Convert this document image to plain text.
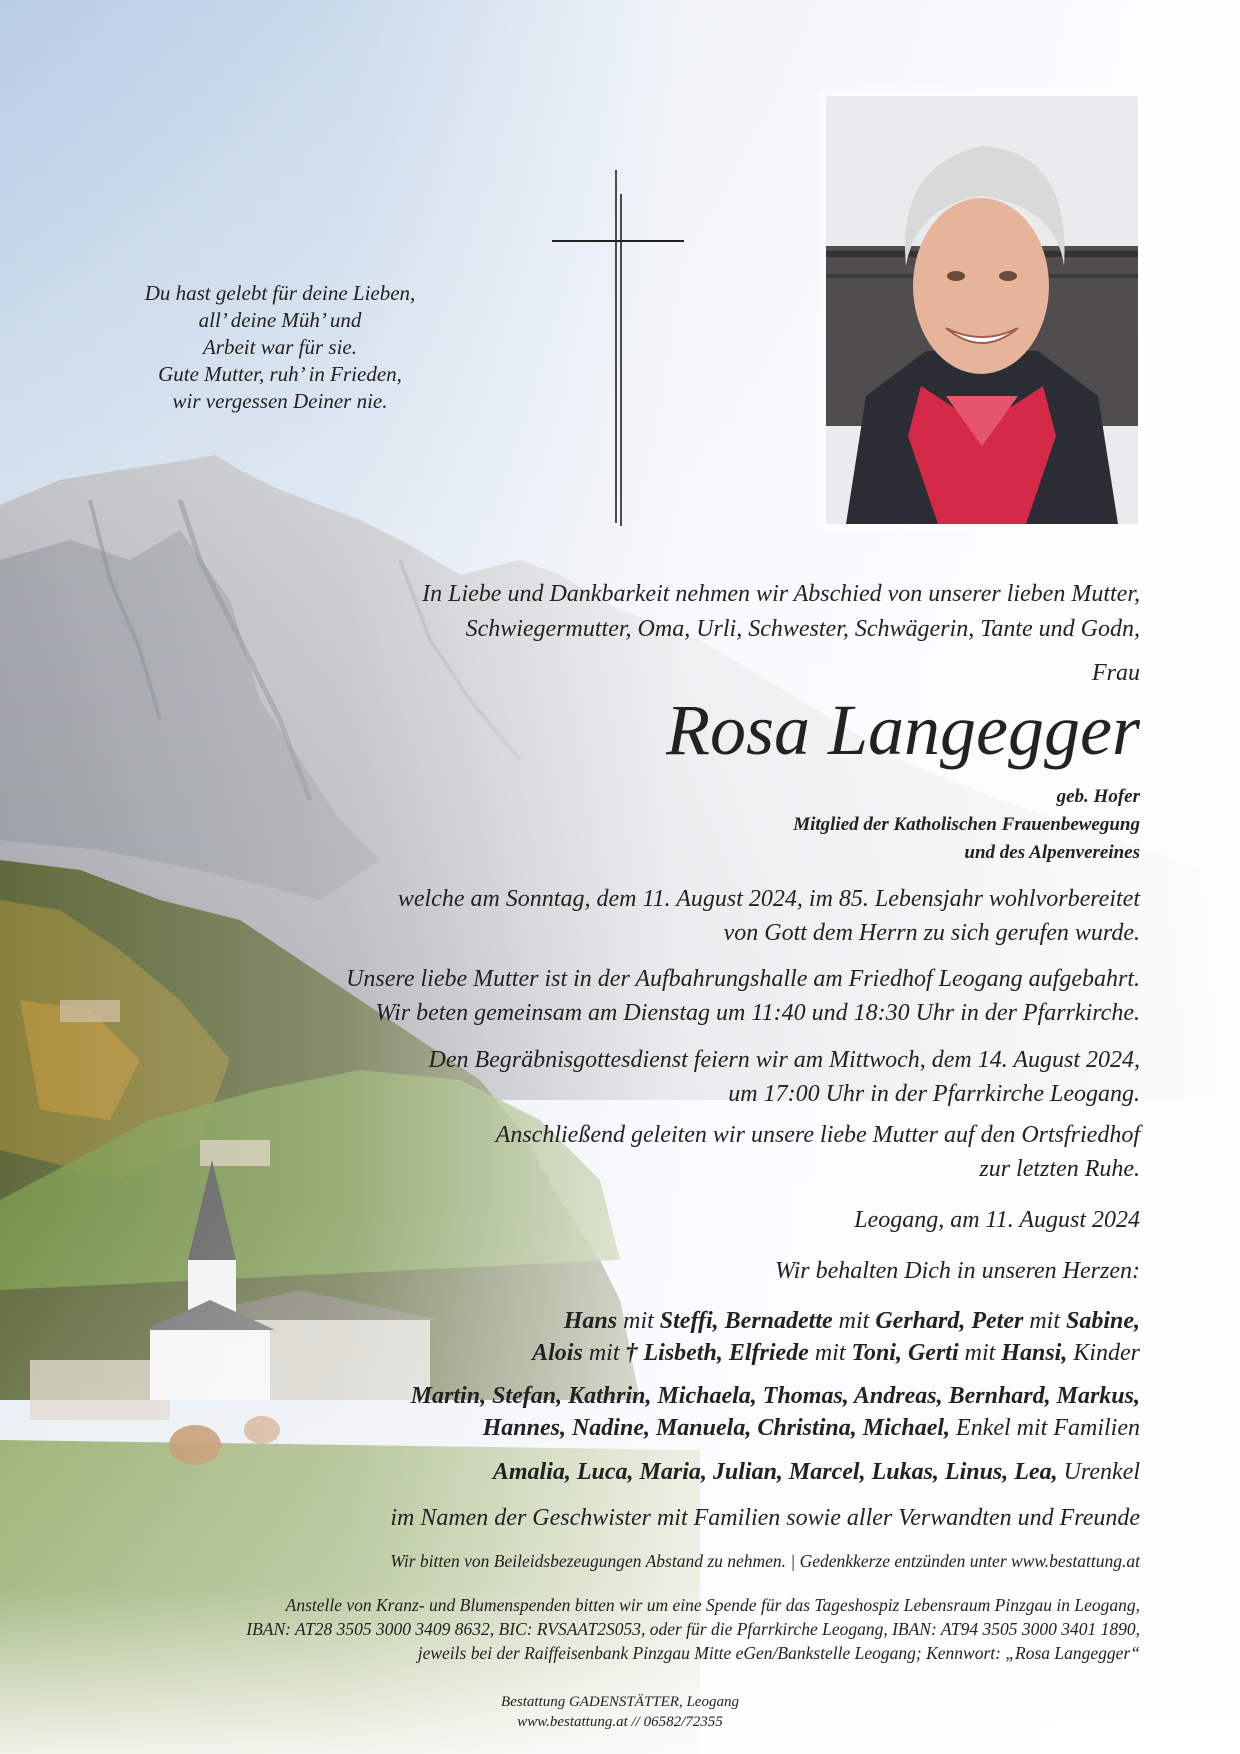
Du hast gelebt für deine Lieben,
all’ deine Müh’ und
Arbeit war für sie.
Gute Mutter, ruh’ in Frieden,
wir vergessen Deiner nie.
In Liebe und Dankbarkeit nehmen wir Abschied von unserer lieben Mutter,
Schwiegermutter, Oma, Urli, Schwester, Schwägerin, Tante und Godn,
Frau
Rosa Langegger
geb. Hofer
Mitglied der Katholischen Frauenbewegung
und des Alpenvereines
welche am Sonntag, dem 11. August 2024, im 85. Lebensjahr wohlvorbereitet
von Gott dem Herrn zu sich gerufen wurde.
Unsere liebe Mutter ist in der Aufbahrungshalle am Friedhof Leogang aufgebahrt.
Wir beten gemeinsam am Dienstag um 11:40 und 18:30 Uhr in der Pfarrkirche.
Den Begräbnisgottesdienst feiern wir am Mittwoch, dem 14. August 2024,
um 17:00 Uhr in der Pfarrkirche Leogang.
Anschließend geleiten wir unsere liebe Mutter auf den Ortsfriedhof
zur letzten Ruhe.
Leogang, am 11. August 2024
Wir behalten Dich in unseren Herzen:
Hans mit Steffi, Bernadette mit Gerhard, Peter mit Sabine,
Alois mit † Lisbeth, Elfriede mit Toni, Gerti mit Hansi, Kinder
Martin, Stefan, Kathrin, Michaela, Thomas, Andreas, Bernhard, Markus,
Hannes, Nadine, Manuela, Christina, Michael, Enkel mit Familien
Amalia, Luca, Maria, Julian, Marcel, Lukas, Linus, Lea, Urenkel
im Namen der Geschwister mit Familien sowie aller Verwandten und Freunde
Wir bitten von Beileidsbezeugungen Abstand zu nehmen. | Gedenkkerze entzünden unter www.bestattung.at
Anstelle von Kranz- und Blumenspenden bitten wir um eine Spende für das Tageshospiz Lebensraum Pinzgau in Leogang,
IBAN: AT28 3505 3000 3409 8632, BIC: RVSAAT2S053, oder für die Pfarrkirche Leogang, IBAN: AT94 3505 3000 3401 1890,
jeweils bei der Raiffeisenbank Pinzgau Mitte eGen/Bankstelle Leogang; Kennwort: „Rosa Langegger“
Bestattung GADENSTÄTTER, Leogang
www.bestattung.at // 06582/72355
